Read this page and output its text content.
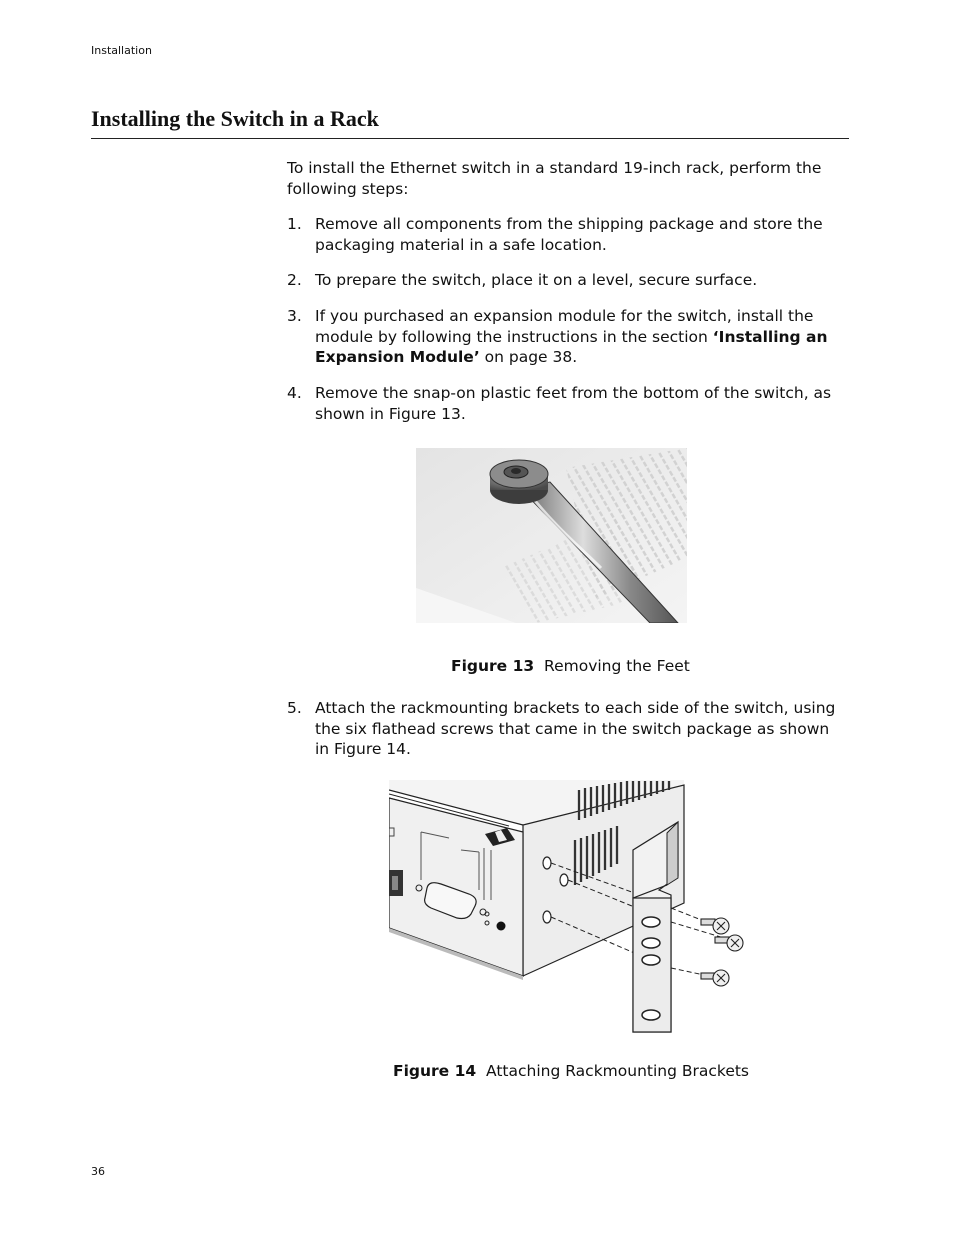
Installation
Installing the Switch in a Rack

To install the Ethernet switch in a standard 19-inch rack, perform the following steps:

1. Remove all components from the shipping package and store the packaging material in a safe location.
2. To prepare the switch, place it on a level, secure surface.
3. If you purchased an expansion module for the switch, install the module by following the instructions in the section ‘Installing an Expansion Module’ on page 38.
4. Remove the snap-on plastic feet from the bottom of the switch, as shown in Figure 13.
Figure 13 Removing the Feet
5. Attach the rackmounting brackets to each side of the switch, using the six flathead screws that came in the switch package as shown in Figure 14.
Figure 14 Attaching Rackmounting Brackets
36
